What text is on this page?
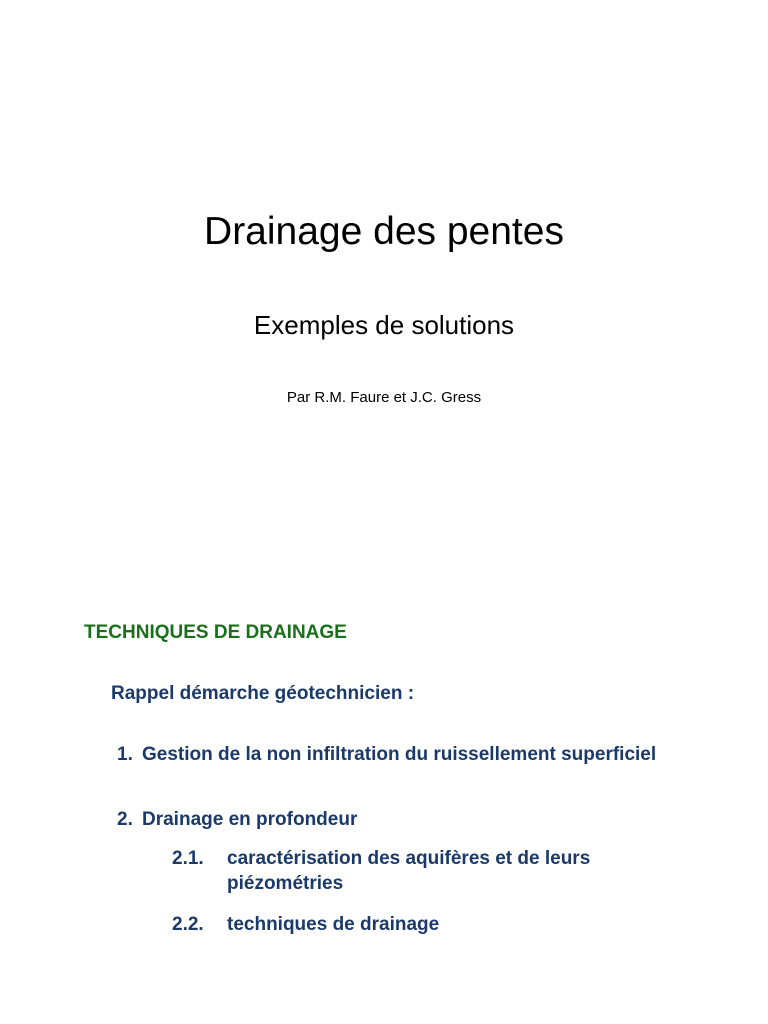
Drainage des pentes
Exemples de solutions
Par R.M. Faure et J.C. Gress
TECHNIQUES DE DRAINAGE
Rappel démarche géotechnicien :
1. Gestion de la non infiltration du ruissellement superficiel
2. Drainage en profondeur
2.1.	caractérisation des aquifères et de leurs piézométries
2.2.	techniques de drainage
